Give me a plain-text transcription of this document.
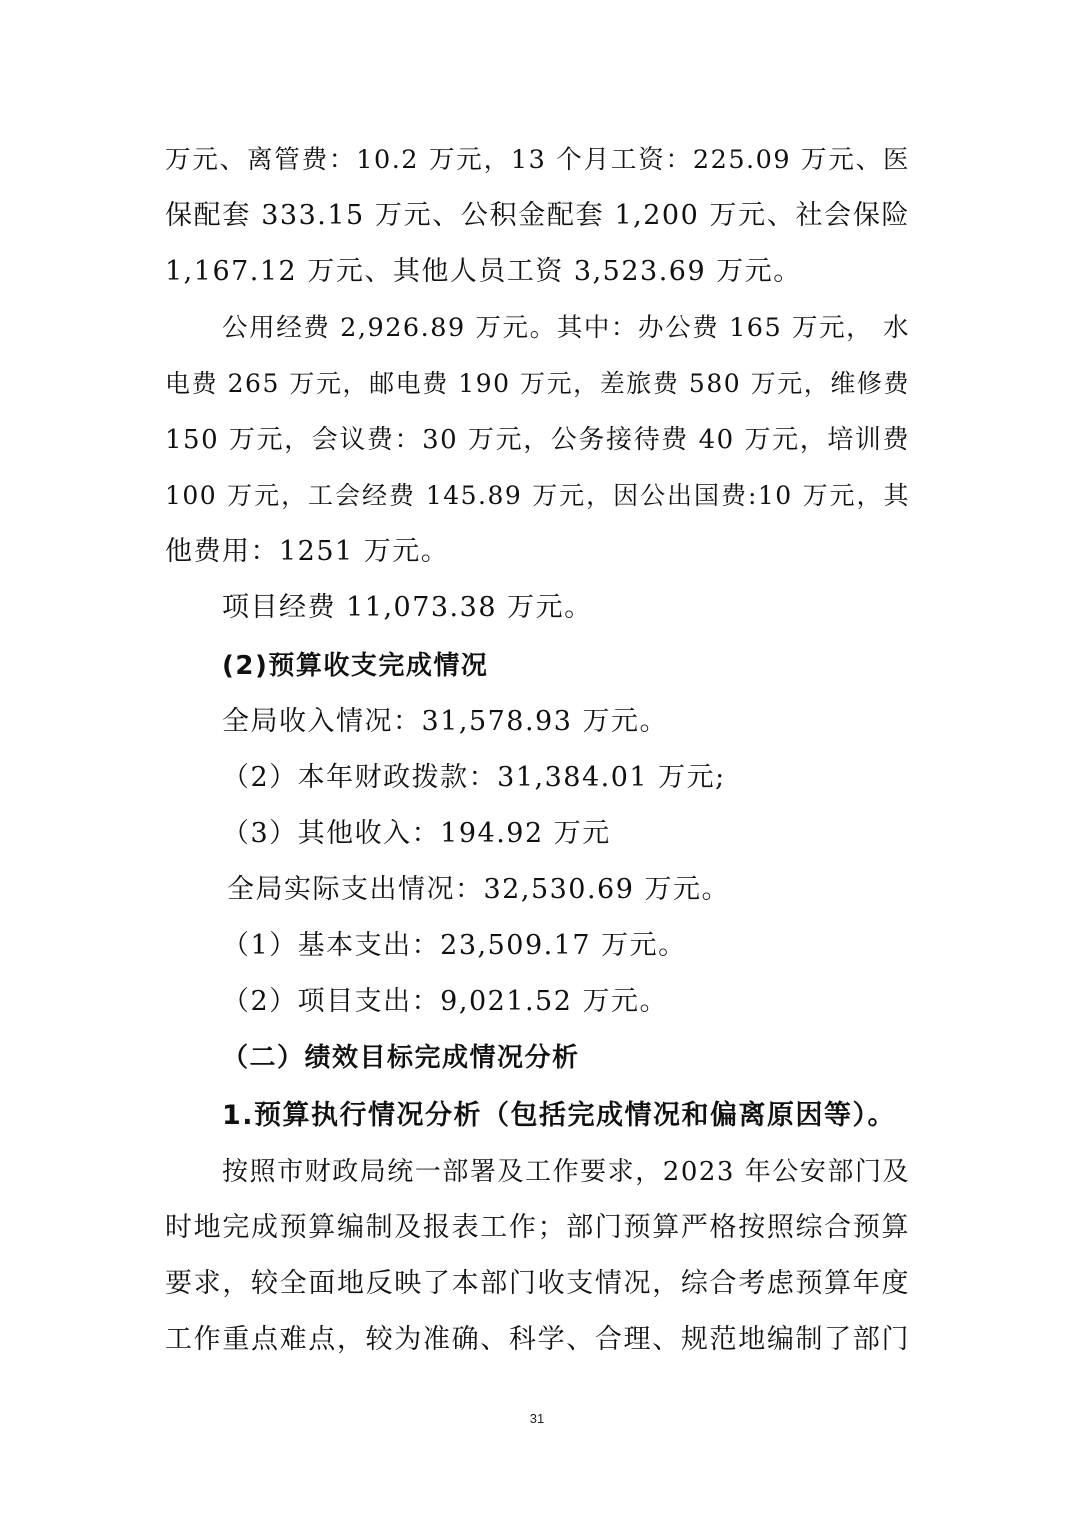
万元、离管费：10.2 万元，13 个月工资：225.09 万元、医
保配套 333.15 万元、公积金配套 1,200 万元、社会保险
1,167.12 万元、其他人员工资 3,523.69 万元。
公用经费 2,926.89 万元。其中：办公费 165 万元， 水
电费 265 万元，邮电费 190 万元，差旅费 580 万元，维修费
150 万元，会议费：30 万元，公务接待费 40 万元，培训费
100 万元，工会经费 145.89 万元，因公出国费:10 万元，其
他费用：1251 万元。
项目经费 11,073.38 万元。
(2)预算收支完成情况
全局收入情况：31,578.93 万元。
（2）本年财政拨款：31,384.01 万元;
（3）其他收入：194.92 万元
全局实际支出情况：32,530.69 万元。
（1）基本支出：23,509.17 万元。
（2）项目支出：9,021.52 万元。
（二）绩效目标完成情况分析
1.预算执行情况分析（包括完成情况和偏离原因等）。
按照市财政局统一部署及工作要求，2023 年公安部门及
时地完成预算编制及报表工作；部门预算严格按照综合预算
要求，较全面地反映了本部门收支情况，综合考虑预算年度
工作重点难点，较为准确、科学、合理、规范地编制了部门
31
